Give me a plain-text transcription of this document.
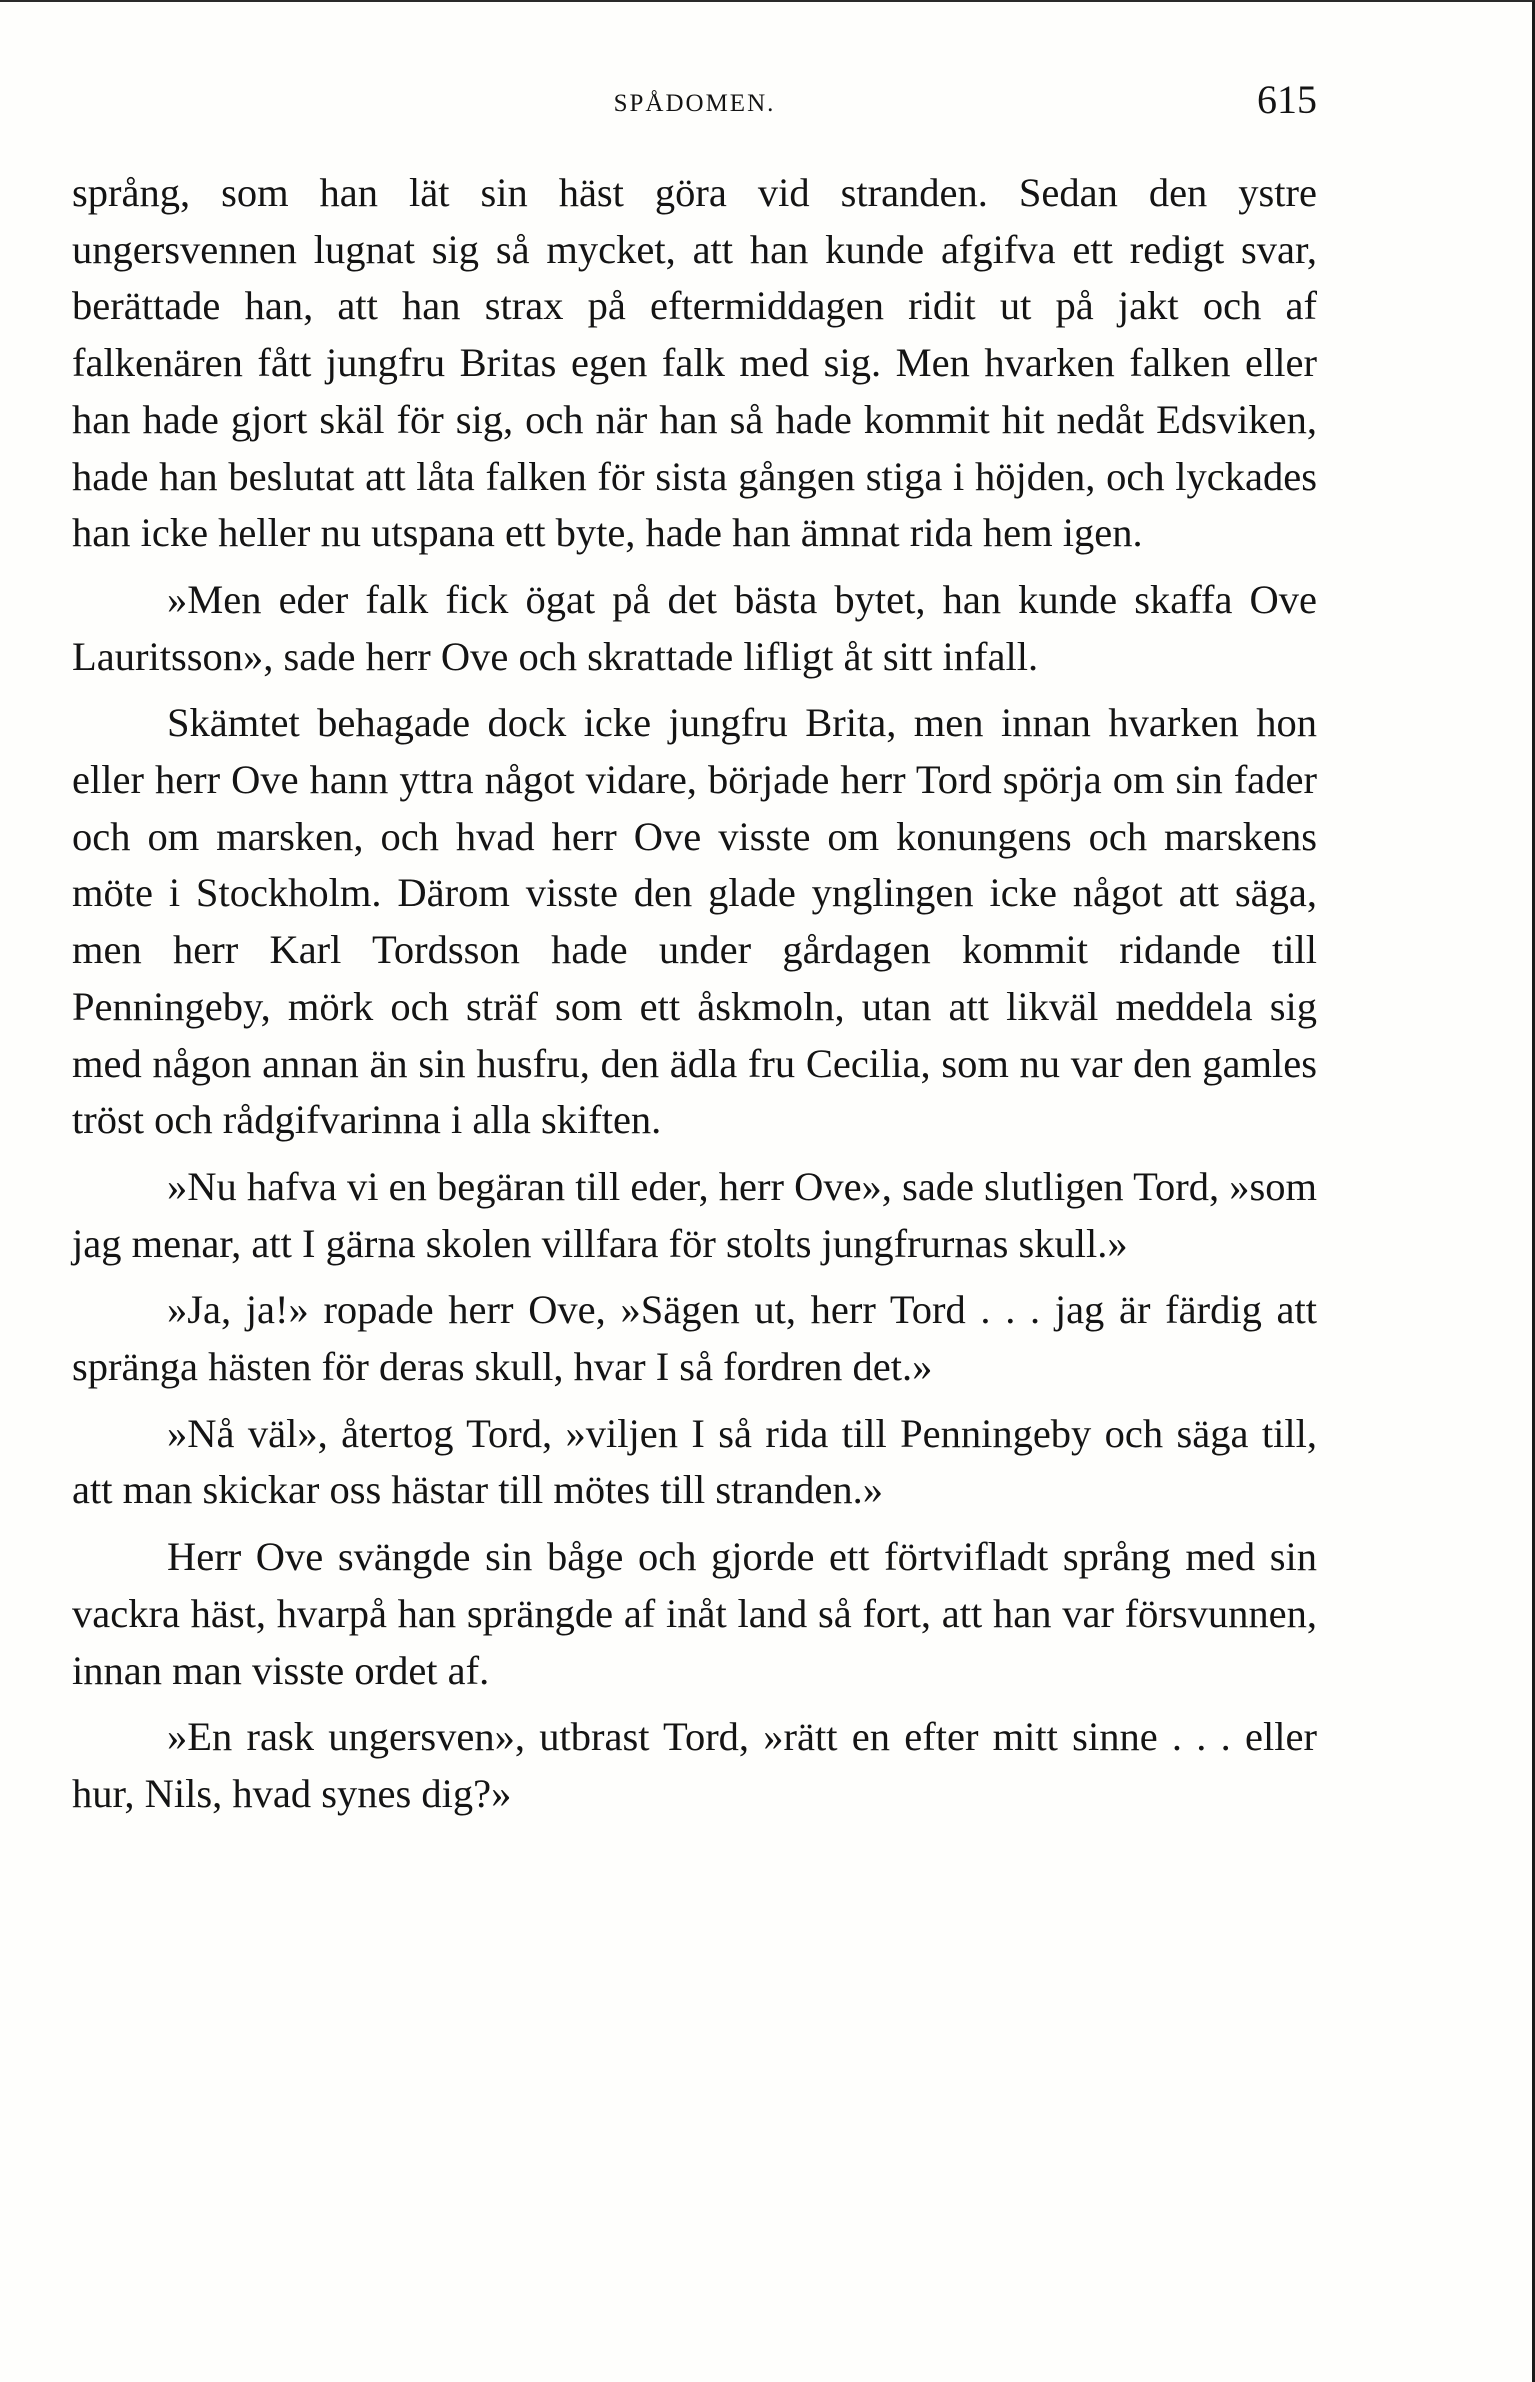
SPÅDOMEN.	615

språng, som han lät sin häst göra vid stranden. Sedan den ystre ungersvennen lugnat sig så mycket, att han kunde afgifva ett redigt svar, berättade han, att han strax på eftermiddagen ridit ut på jakt och af falkenären fått jungfru Britas egen falk med sig. Men hvarken falken eller han hade gjort skäl för sig, och när han så hade kommit hit nedåt Edsviken, hade han beslutat att låta falken för sista gången stiga i höjden, och lyckades han icke heller nu utspana ett byte, hade han ämnat rida hem igen.

»Men eder falk fick ögat på det bästa bytet, han kunde skaffa Ove Lauritsson», sade herr Ove och skrattade lifligt åt sitt infall.

Skämtet behagade dock icke jungfru Brita, men innan hvarken hon eller herr Ove hann yttra något vidare, började herr Tord spörja om sin fader och om marsken, och hvad herr Ove visste om konungens och marskens möte i Stockholm. Därom visste den glade ynglingen icke något att säga, men herr Karl Tordsson hade under gårdagen kommit ridande till Penningeby, mörk och sträf som ett åskmoln, utan att likväl meddela sig med någon annan än sin husfru, den ädla fru Cecilia, som nu var den gamles tröst och rådgifvarinna i alla skiften.

»Nu hafva vi en begäran till eder, herr Ove», sade slutligen Tord, »som jag menar, att I gärna skolen villfara för stolts jungfrurnas skull.»

»Ja, ja!» ropade herr Ove, »Sägen ut, herr Tord . . . jag är färdig att spränga hästen för deras skull, hvar I så fordren det.»

»Nå väl», återtog Tord, »viljen I så rida till Penningeby och säga till, att man skickar oss hästar till mötes till stranden.»

Herr Ove svängde sin båge och gjorde ett förtvifladt språng med sin vackra häst, hvarpå han sprängde af inåt land så fort, att han var försvunnen, innan man visste ordet af.

»En rask ungersven», utbrast Tord, »rätt en efter mitt sinne . . . eller hur, Nils, hvad synes dig?»
